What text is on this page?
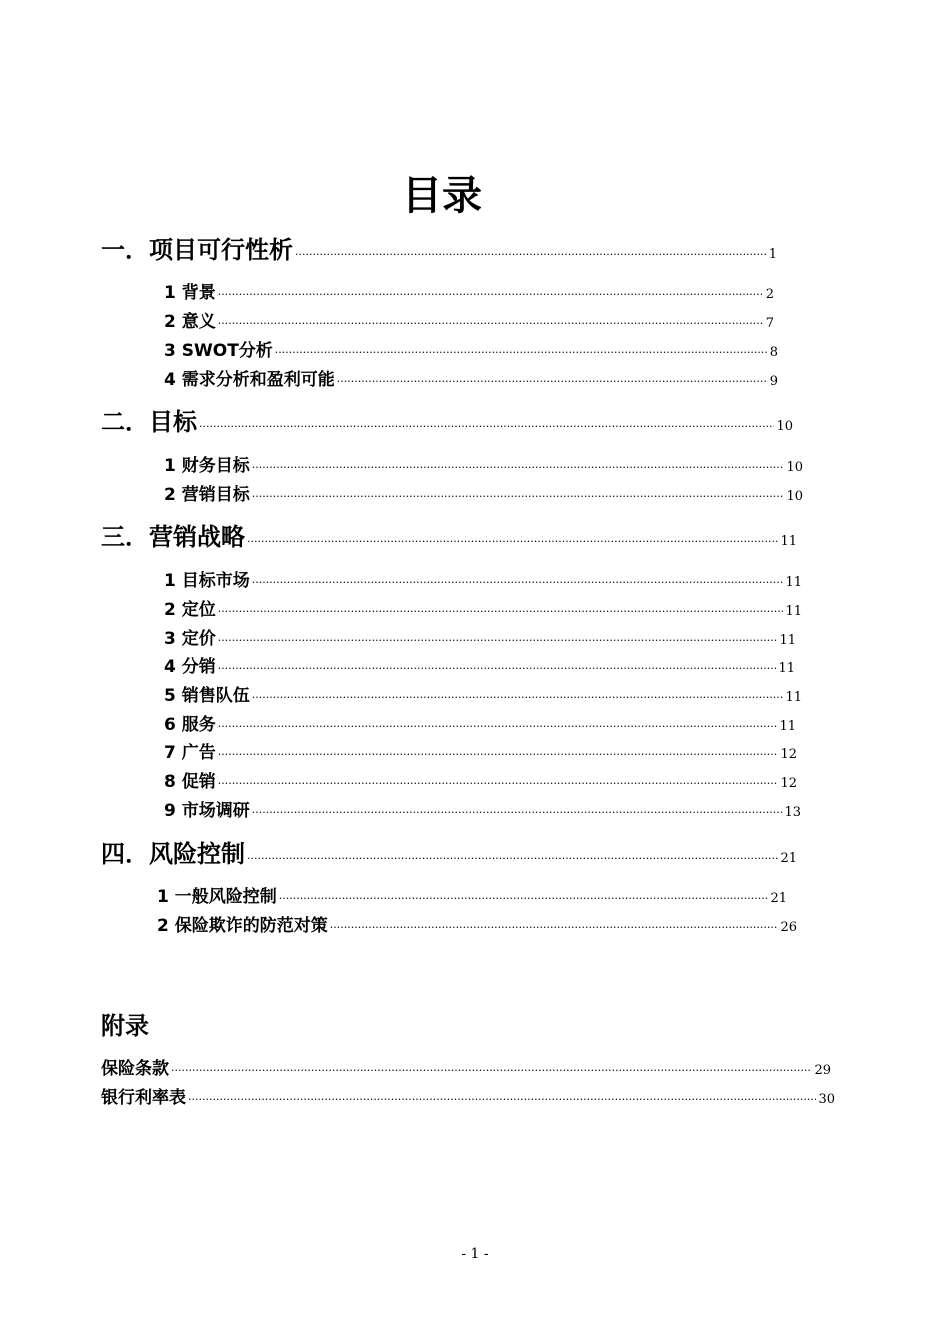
目录
一．项目可行性析 ·····	1
1 背景 ·····	2
2 意义 ·····	7
3 SWOT分析 ·····	8
4 需求分析和盈利可能 ·····	9
二．目标 ·····	10
1 财务目标 ·····	10
2 营销目标 ·····	10
三．营销战略 ·····	11
1 目标市场 ·····	11
2 定位 ·····	11
3 定价 ·····	11
4 分销 ·····	11
5 销售队伍 ·····	11
6 服务 ·····	11
7 广告 ·····	12
8 促销 ·····	12
9 市场调研 ·····	13
四．风险控制 ·····	21
1 一般风险控制 ·····	21
2 保险欺诈的防范对策 ·····	26
附录
保险条款 ·····	29
银行利率表 ·····	30
- 1 -
